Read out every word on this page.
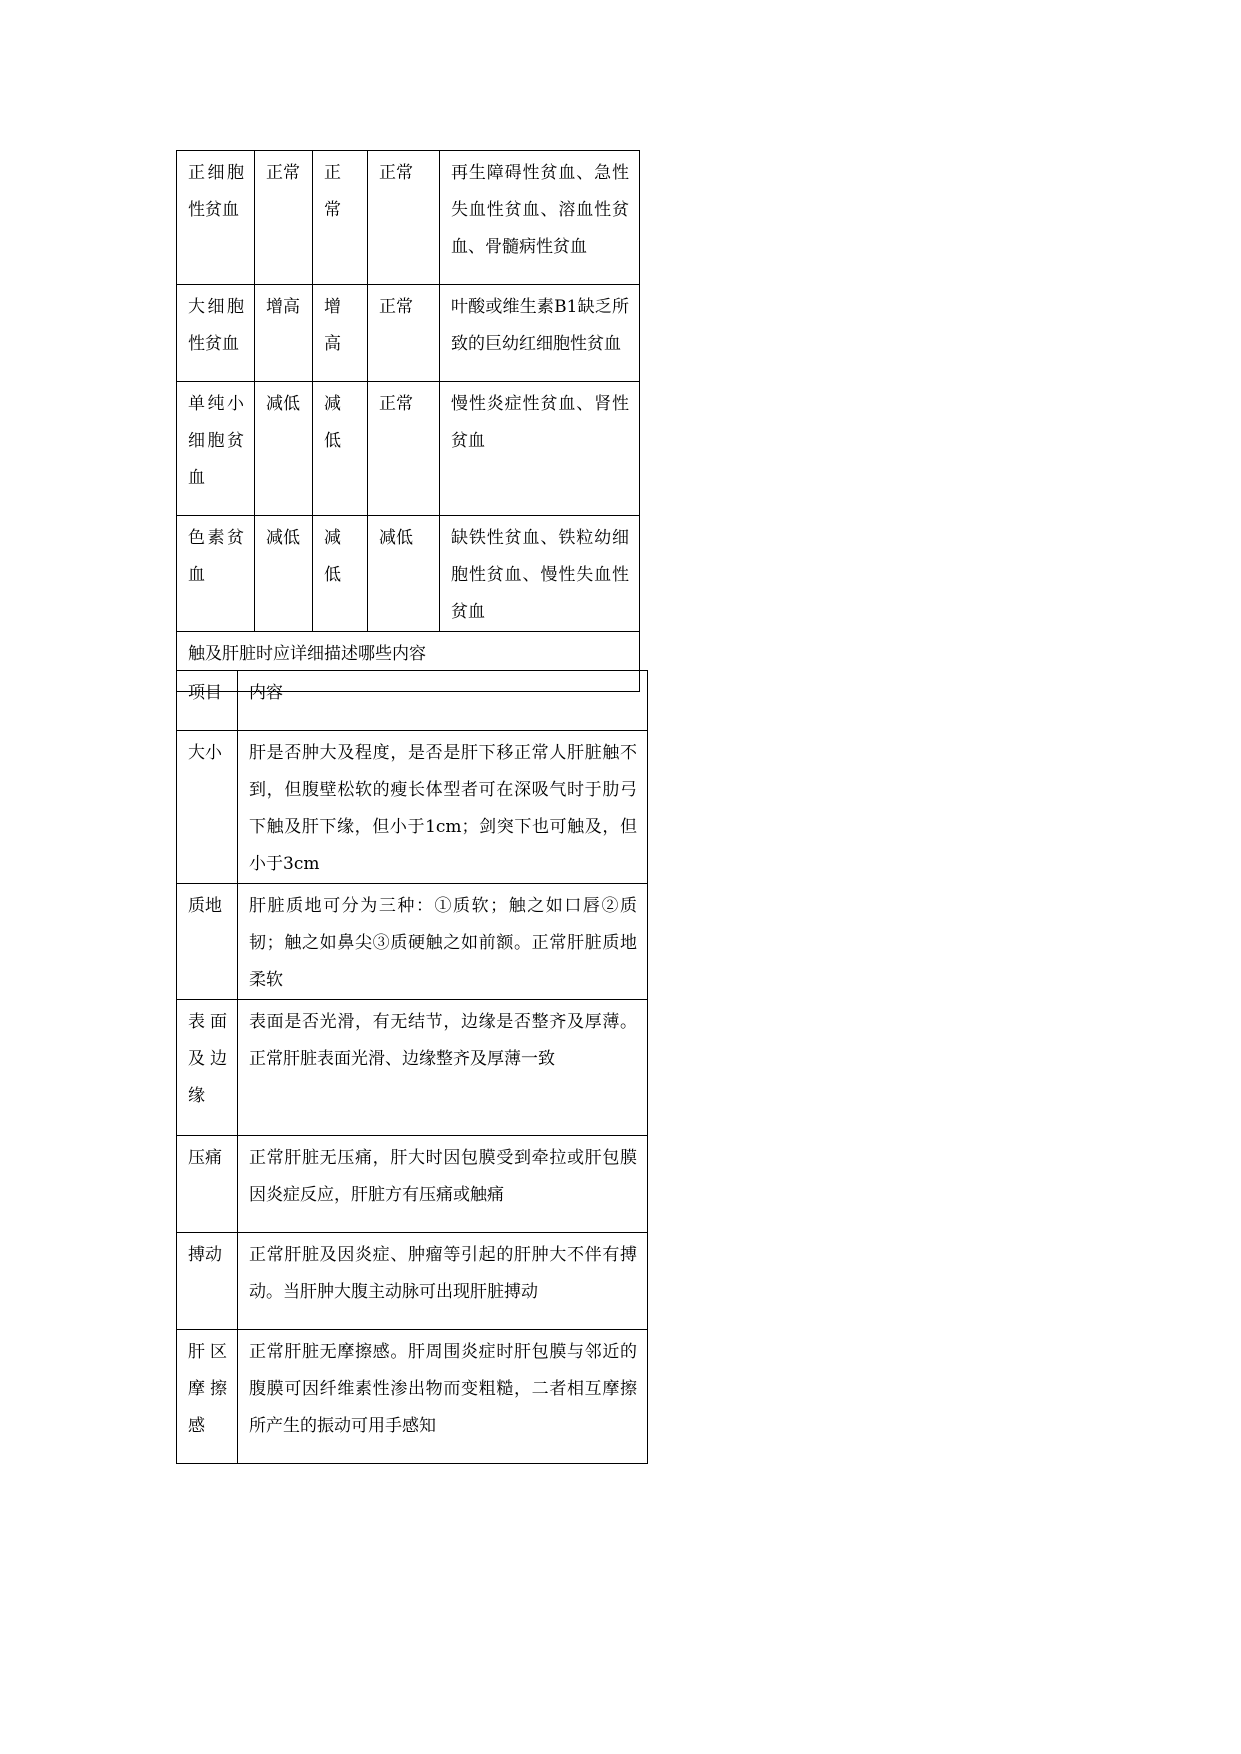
正细胞性贫血	正常	正常	正常	再生障碍性贫血、急性失血性贫血、溶血性贫血、骨髓病性贫血
大细胞性贫血	增高	增高	正常	叶酸或维生素B1缺乏所致的巨幼红细胞性贫血
单纯小细胞贫血	减低	减低	正常	慢性炎症性贫血、肾性贫血
色素贫血	减低	减低	减低	缺铁性贫血、铁粒幼细胞性贫血、慢性失血性贫血
触及肝脏时应详细描述哪些内容				
项目	内容
大小	肝是否肿大及程度，是否是肝下移正常人肝脏触不到，但腹壁松软的瘦长体型者可在深吸气时于肋弓下触及肝下缘，但小于1cm；剑突下也可触及，但小于3cm
质地	肝脏质地可分为三种：①质软；触之如口唇②质韧；触之如鼻尖③质硬触之如前额。正常肝脏质地柔软
表面及边缘	表面是否光滑，有无结节，边缘是否整齐及厚薄。正常肝脏表面光滑、边缘整齐及厚薄一致
压痛	正常肝脏无压痛，肝大时因包膜受到牵拉或肝包膜因炎症反应，肝脏方有压痛或触痛
搏动	正常肝脏及因炎症、肿瘤等引起的肝肿大不伴有搏动。当肝肿大腹主动脉可出现肝脏搏动
肝区摩擦感	正常肝脏无摩擦感。肝周围炎症时肝包膜与邻近的腹膜可因纤维素性渗出物而变粗糙，二者相互摩擦所产生的振动可用手感知
